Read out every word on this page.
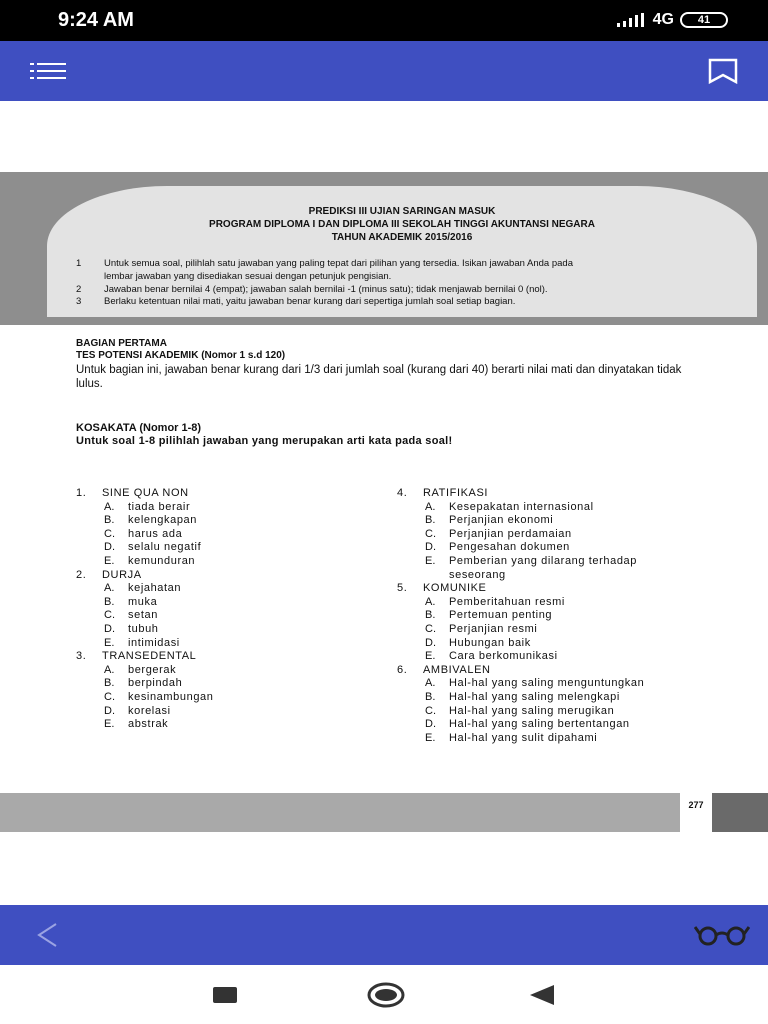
9:24 AM	4G	41
PREDIKSI III UJIAN SARINGAN MASUK
PROGRAM DIPLOMA I DAN DIPLOMA III SEKOLAH TINGGI AKUNTANSI NEGARA
TAHUN AKADEMIK 2015/2016
1 Untuk semua soal, pilihlah satu jawaban yang paling tepat dari pilihan yang tersedia. Isikan jawaban Anda pada
lembar jawaban yang disediakan sesuai dengan petunjuk pengisian.
2 Jawaban benar bernilai 4 (empat); jawaban salah bernilai -1 (minus satu); tidak menjawab bernilai 0 (nol).
3 Berlaku ketentuan nilai mati, yaitu jawaban benar kurang dari sepertiga jumlah soal setiap bagian.
BAGIAN PERTAMA
TES POTENSI AKADEMIK (Nomor 1 s.d 120)
Untuk bagian ini, jawaban benar kurang dari 1/3 dari jumlah soal (kurang dari 40) berarti nilai mati dan dinyatakan tidak lulus.
KOSAKATA (Nomor 1-8)
Untuk soal 1-8 pilihlah jawaban yang merupakan arti kata pada soal!
1. SINE QUA NON
A. tiada berair
B. kelengkapan
C. harus ada
D. selalu negatif
E. kemunduran
2. DURJA
A. kejahatan
B. muka
C. setan
D. tubuh
E. intimidasi
3. TRANSEDENTAL
A. bergerak
B. berpindah
C. kesinambungan
D. korelasi
E. abstrak
4. RATIFIKASI
A. Kesepakatan internasional
B. Perjanjian ekonomi
C. Perjanjian perdamaian
D. Pengesahan dokumen
E. Pemberian yang dilarang terhadap
seseorang
5. KOMUNIKE
A. Pemberitahuan resmi
B. Pertemuan penting
C. Perjanjian resmi
D. Hubungan baik
E. Cara berkomunikasi
6. AMBIVALEN
A. Hal-hal yang saling menguntungkan
B. Hal-hal yang saling melengkapi
C. Hal-hal yang saling merugikan
D. Hal-hal yang saling bertentangan
E. Hal-hal yang sulit dipahami
277
